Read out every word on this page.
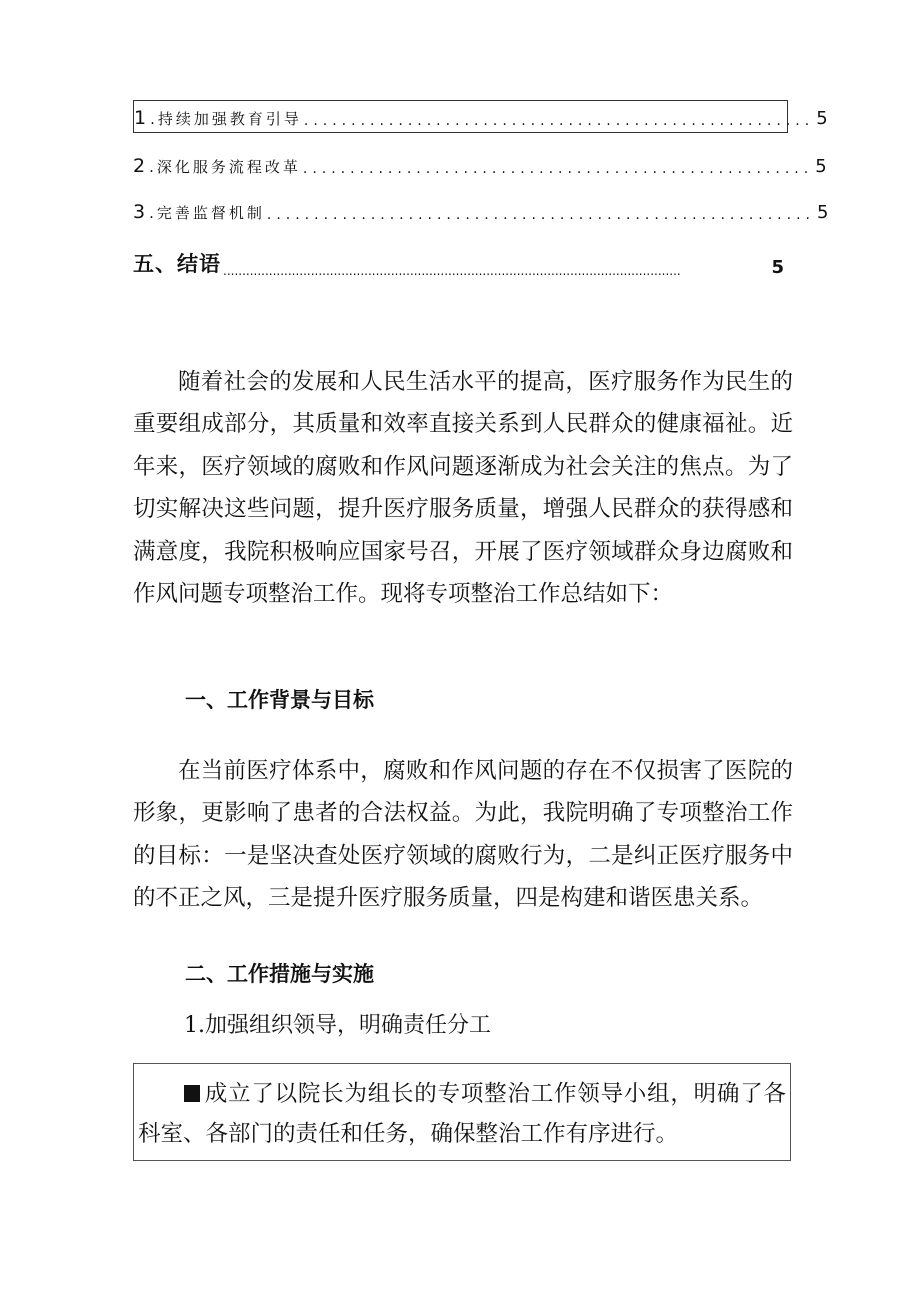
1 .持续加强教育引导 ...................................................... 5
2 .深化服务流程改革 ...................................................... 5
3 .完善监督机制 .......................................................... 5
五、结语 ........................................................................................................................	5

随着社会的发展和人民生活水平的提高，医疗服务作为民生的重要组成部分，其质量和效率直接关系到人民群众的健康福祉。近年来，医疗领域的腐败和作风问题逐渐成为社会关注的焦点。为了切实解决这些问题，提升医疗服务质量，增强人民群众的获得感和满意度，我院积极响应国家号召，开展了医疗领域群众身边腐败和作风问题专项整治工作。现将专项整治工作总结如下：

一、工作背景与目标

在当前医疗体系中，腐败和作风问题的存在不仅损害了医院的形象，更影响了患者的合法权益。为此，我院明确了专项整治工作的目标：一是坚决查处医疗领域的腐败行为，二是纠正医疗服务中的不正之风，三是提升医疗服务质量，四是构建和谐医患关系。

二、工作措施与实施

1.加强组织领导，明确责任分工

成立了以院长为组长的专项整治工作领导小组，明确了各科室、各部门的责任和任务，确保整治工作有序进行。
